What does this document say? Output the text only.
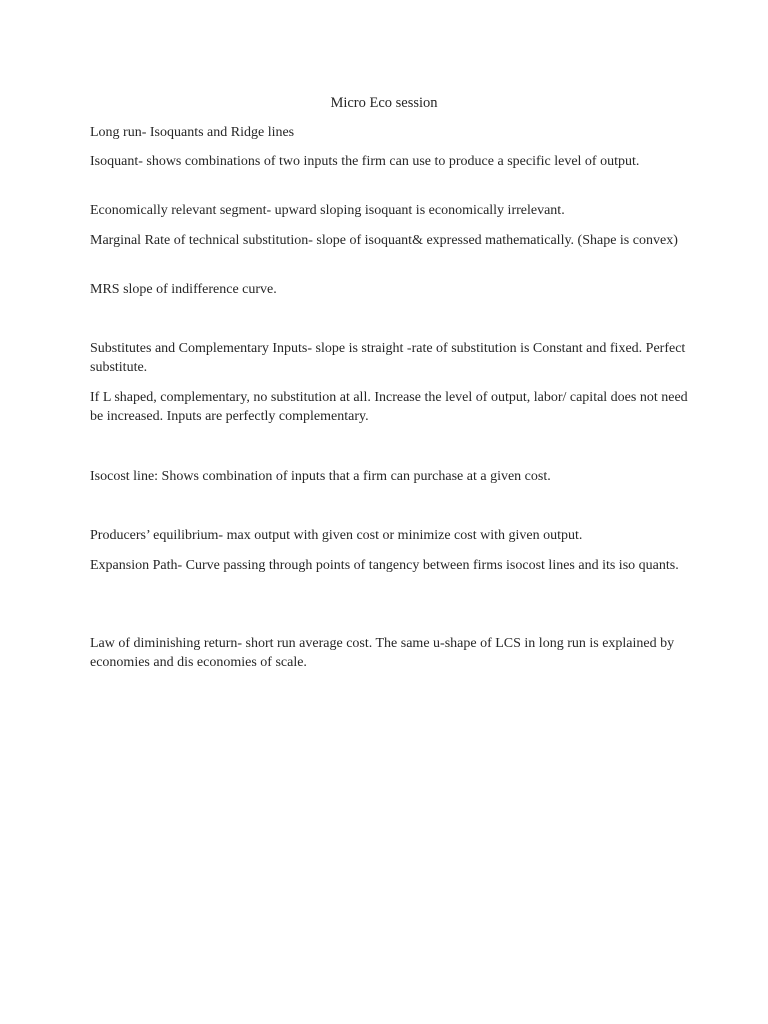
Micro Eco session

Long run- Isoquants and Ridge lines

Isoquant- shows combinations of two inputs the firm can use to produce a specific level of output.

Economically relevant segment- upward sloping isoquant is economically irrelevant.

Marginal Rate of technical substitution- slope of isoquant& expressed mathematically. (Shape is convex)

MRS slope of indifference curve.

Substitutes and Complementary Inputs- slope is straight -rate of substitution is Constant and fixed. Perfect substitute.

If L shaped, complementary, no substitution at all. Increase the level of output, labor/ capital does not need be increased. Inputs are perfectly complementary.

Isocost line: Shows combination of inputs that a firm can purchase at a given cost.

Producers’ equilibrium- max output with given cost or minimize cost with given output.

Expansion Path- Curve passing through points of tangency between firms isocost lines and its iso quants.

Law of diminishing return- short run average cost. The same u-shape of LCS in long run is explained by economies and dis economies of scale.
